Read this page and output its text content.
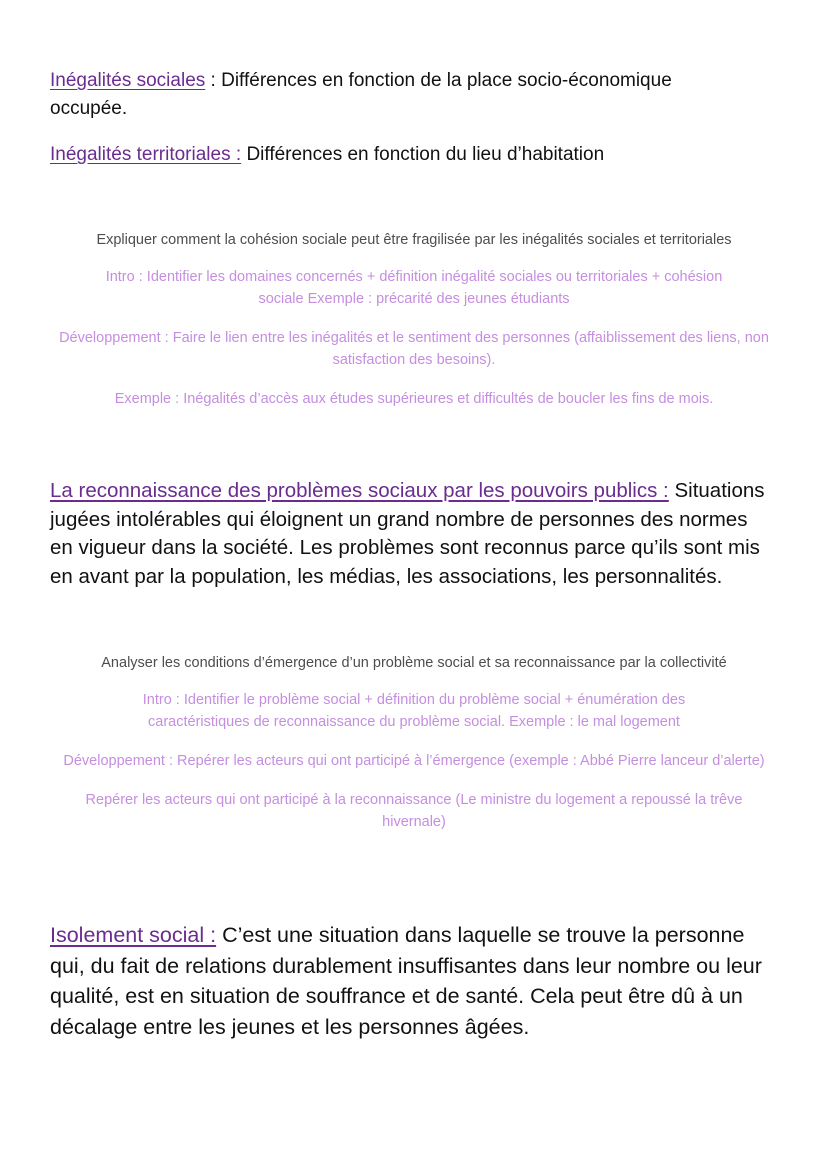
Inégalités sociales : Différences en fonction de la place socio-économique occupée.
Inégalités territoriales : Différences en fonction du lieu d’habitation

Expliquer comment la cohésion sociale peut être fragilisée par les inégalités sociales et territoriales

Intro : Identifier les domaines concernés + définition inégalité sociales ou territoriales + cohésion sociale Exemple : précarité des jeunes étudiants

Développement : Faire le lien entre les inégalités et le sentiment des personnes (affaiblissement des liens, non satisfaction des besoins).

Exemple : Inégalités d’accès aux études supérieures et difficultés de boucler les fins de mois.

La reconnaissance des problèmes sociaux par les pouvoirs publics : Situations jugées intolérables qui éloignent un grand nombre de personnes des normes en vigueur dans la société. Les problèmes sont reconnus parce qu’ils sont mis en avant par la population, les médias, les associations, les personnalités.

Analyser les conditions d’émergence d’un problème social et sa reconnaissance par la collectivité

Intro : Identifier le problème social + définition du problème social + énumération des caractéristiques de reconnaissance du problème social. Exemple : le mal logement

Développement : Repérer les acteurs qui ont participé à l’émergence (exemple : Abbé Pierre lanceur d’alerte)

Repérer les acteurs qui ont participé à la reconnaissance (Le ministre du logement a repoussé la trêve hivernale)

Isolement social : C’est une situation dans laquelle se trouve la personne qui, du fait de relations durablement insuffisantes dans leur nombre ou leur qualité, est en situation de souffrance et de santé. Cela peut être dû à un décalage entre les jeunes et les personnes âgées.
